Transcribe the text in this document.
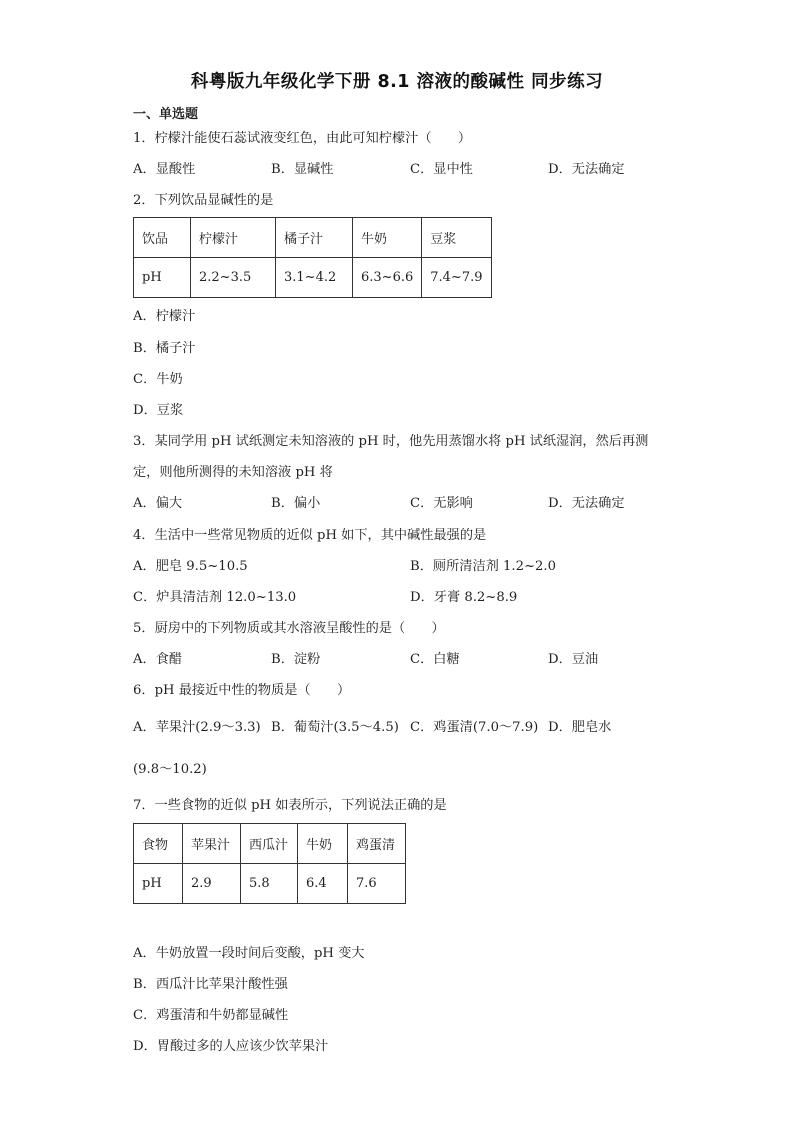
科粤版九年级化学下册 8.1 溶液的酸碱性 同步练习
一、单选题
1．柠檬汁能使石蕊试液变红色，由此可知柠檬汁（　　）
A．显酸性	B．显碱性	C．显中性	D．无法确定
2．下列饮品显碱性的是
饮品	柠檬汁	橘子汁	牛奶	豆浆
pH	2.2~3.5	3.1~4.2	6.3~6.6	7.4~7.9
A．柠檬汁
B．橘子汁
C．牛奶
D．豆浆
3．某同学用 pH 试纸测定未知溶液的 pH 时，他先用蒸馏水将 pH 试纸湿润，然后再测
定，则他所测得的未知溶液 pH 将
A．偏大	B．偏小	C．无影响	D．无法确定
4．生活中一些常见物质的近似 pH 如下，其中碱性最强的是
A．肥皂 9.5~10.5	B．厕所清洁剂 1.2~2.0
C．炉具清洁剂 12.0~13.0	D．牙膏 8.2~8.9
5．厨房中的下列物质或其水溶液呈酸性的是（　　）
A．食醋	B．淀粉	C．白糖	D．豆油
6．pH 最接近中性的物质是（　　）
A．苹果汁(2.9～3.3) B．葡萄汁(3.5～4.5) C．鸡蛋清(7.0～7.9) D．肥皂水
(9.8～10.2)
7．一些食物的近似 pH 如表所示，下列说法正确的是
食物	苹果汁	西瓜汁	牛奶	鸡蛋清
pH	2.9	5.8	6.4	7.6
A．牛奶放置一段时间后变酸，pH 变大
B．西瓜汁比苹果汁酸性强
C．鸡蛋清和牛奶都显碱性
D．胃酸过多的人应该少饮苹果汁
